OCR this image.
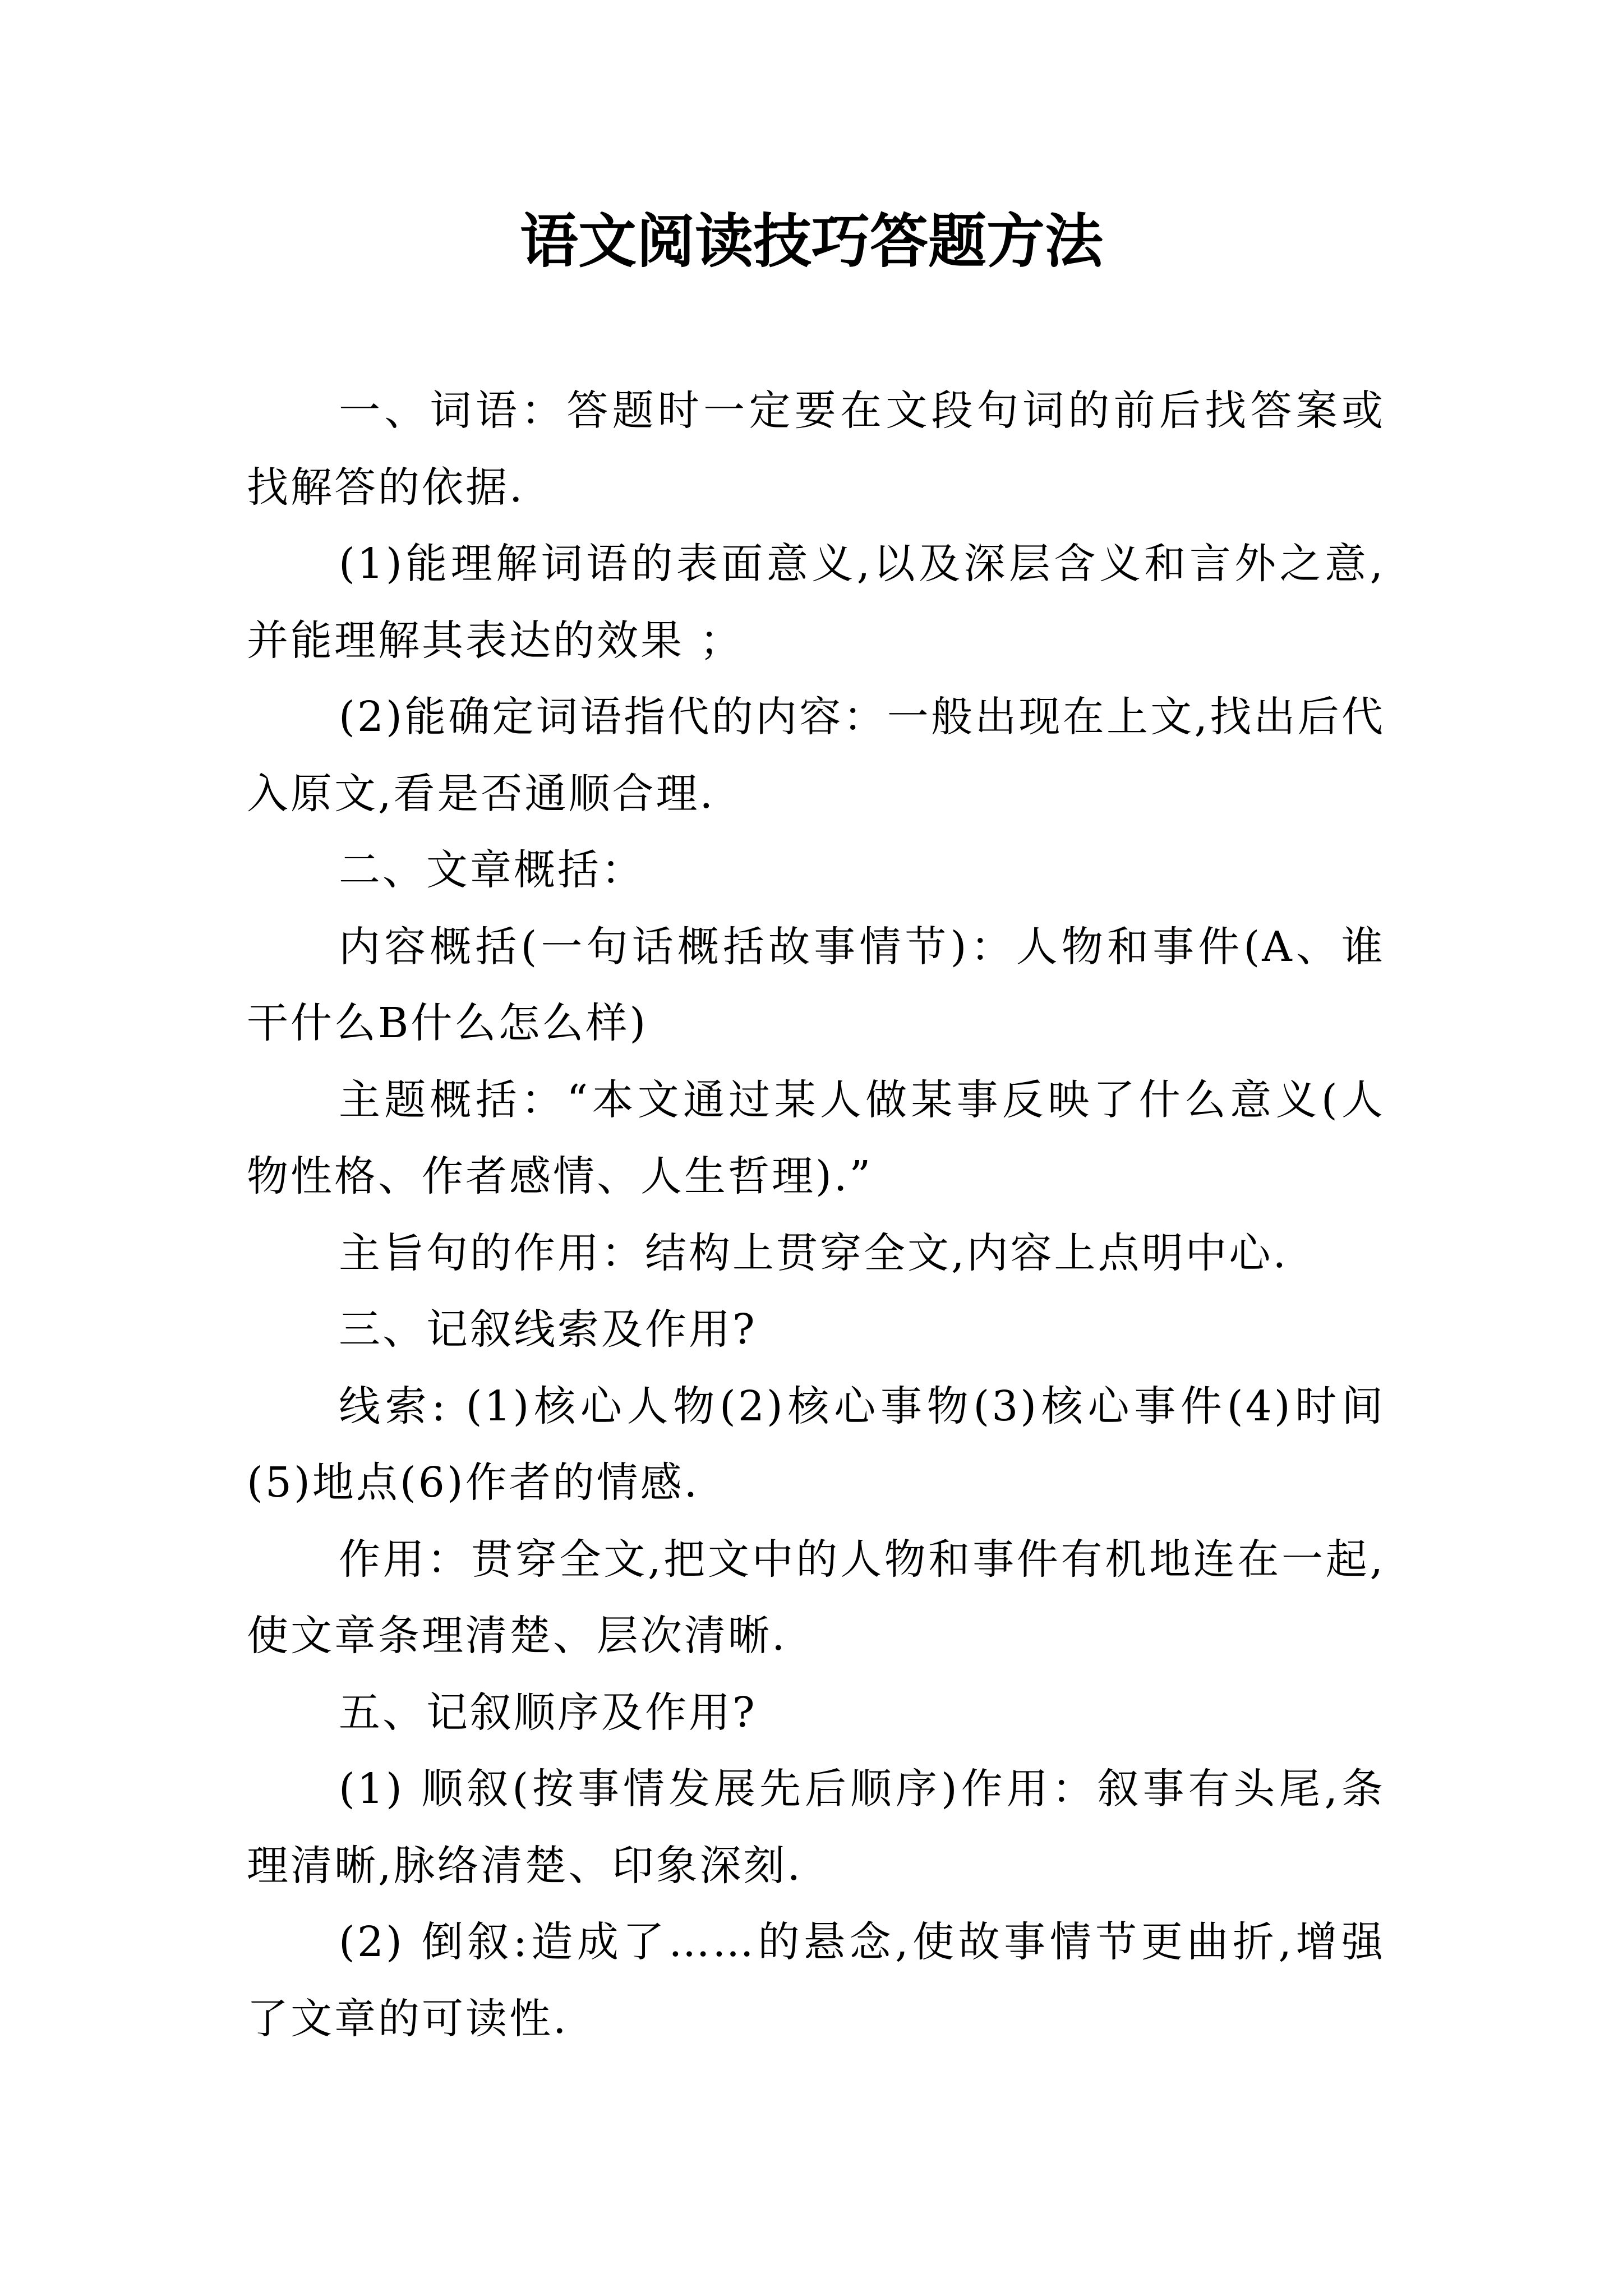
语文阅读技巧答题方法

一、词语：答题时一定要在文段句词的前后找答案或找解答的依据.

(1)能理解词语的表面意义,以及深层含义和言外之意,并能理解其表达的效果 ；

(2)能确定词语指代的内容：一般出现在上文,找出后代入原文,看是否通顺合理.

二、文章概括：

内容概括(一句话概括故事情节)：人物和事件(A、谁干什么B什么怎么样)

主题概括：“本文通过某人做某事反映了什么意义(人物性格、作者感情、人生哲理).”

主旨句的作用：结构上贯穿全文,内容上点明中心.

三、记叙线索及作用?

线索: (1)核心人物(2)核心事物(3)核心事件(4)时间(5)地点(6)作者的情感.

作用：贯穿全文,把文中的人物和事件有机地连在一起,使文章条理清楚、层次清晰.

五、记叙顺序及作用?

(1) 顺叙(按事情发展先后顺序)作用：叙事有头尾,条理清晰,脉络清楚、印象深刻.

(2) 倒叙:造成了……的悬念,使故事情节更曲折,增强了文章的可读性.
